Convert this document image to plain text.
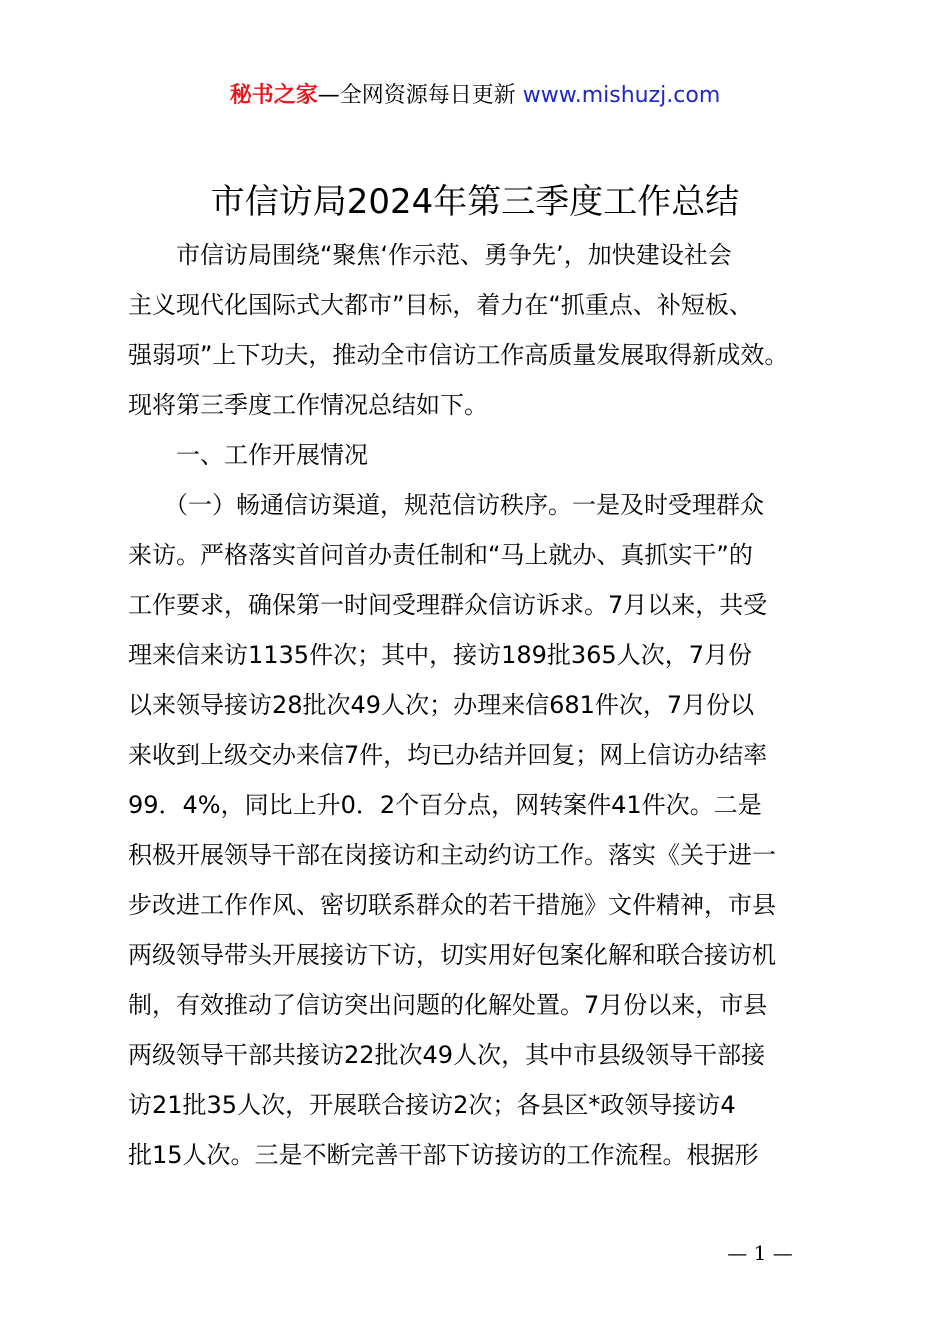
秘书之家—全网资源每日更新 www.mishuzj.com
市信访局2024年第三季度工作总结
　　市信访局围绕“聚焦‘作示范、勇争先’，加快建设社会
主义现代化国际式大都市”目标，着力在“抓重点、补短板、
强弱项”上下功夫，推动全市信访工作高质量发展取得新成效。
现将第三季度工作情况总结如下。
　　一、工作开展情况
　　（一）畅通信访渠道，规范信访秩序。一是及时受理群众
来访。严格落实首问首办责任制和“马上就办、真抓实干”的
工作要求，确保第一时间受理群众信访诉求。7月以来，共受
理来信来访1135件次；其中，接访189批365人次，7月份
以来领导接访28批次49人次；办理来信681件次，7月份以
来收到上级交办来信7件，均已办结并回复；网上信访办结率
99．4%，同比上升0．2个百分点，网转案件41件次。二是
积极开展领导干部在岗接访和主动约访工作。落实《关于进一
步改进工作作风、密切联系群众的若干措施》文件精神，市县
两级领导带头开展接访下访，切实用好包案化解和联合接访机
制，有效推动了信访突出问题的化解处置。7月份以来，市县
两级领导干部共接访22批次49人次，其中市县级领导干部接
访21批35人次，开展联合接访2次；各县区*政领导接访4
批15人次。三是不断完善干部下访接访的工作流程。根据形
— 1 —
